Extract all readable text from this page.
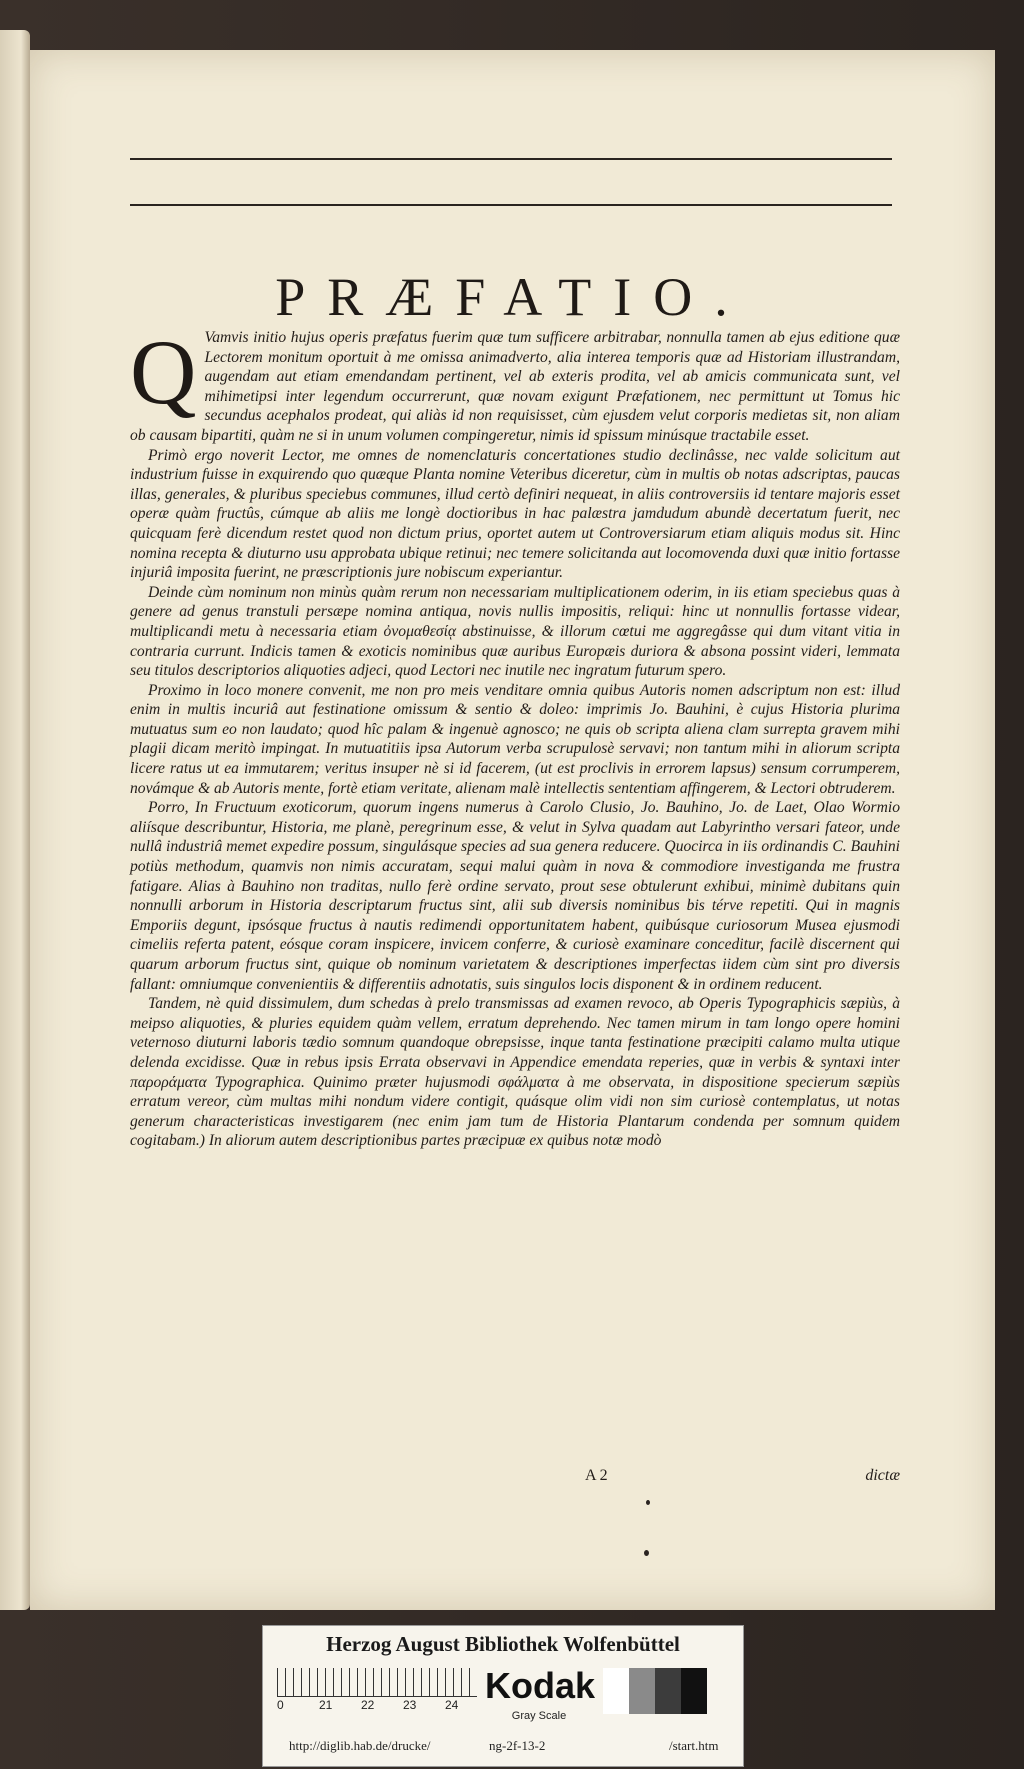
PRÆFATIO.

Q Vamvis initio hujus operis præfatus fuerim quæ tum sufficere arbitrabar, nonnulla tamen ab ejus editione quæ Lectorem monitum oportuit à me omissa animadverto, alia interea temporis quæ ad Historiam illustrandam, augendam aut etiam emendandam pertinent, vel ab exteris prodita, vel ab amicis communicata sunt, vel mihimetipsi inter legendum occurrerunt, quæ novam exigunt Præfationem, nec permittunt ut Tomus hic secundus acephalos prodeat, qui aliàs id non requisisset, cùm ejusdem velut corporis medietas sit, non aliam ob causam bipartiti, quàm ne si in unum volumen compingeretur, nimis id spissum minúsque tractabile esset.

Primò ergo noverit Lector, me omnes de nomenclaturis concertationes studio declinâsse, nec valde solicitum aut industrium fuisse in exquirendo quo quæque Planta nomine Veteribus diceretur, cùm in multis ob notas adscriptas, paucas illas, generales, & pluribus speciebus communes, illud certò definiri nequeat, in aliis controversiis id tentare majoris esset operæ quàm fructûs, cúmque ab aliis me longè doctioribus in hac palæstra jamdudum abundè decertatum fuerit, nec quicquam ferè dicendum restet quod non dictum prius, oportet autem ut Controversiarum etiam aliquis modus sit. Hinc nomina recepta & diuturno usu approbata ubique retinui; nec temere solicitanda aut locomovenda duxi quæ initio fortasse injuriâ imposita fuerint, ne præscriptionis jure nobiscum experiantur.

Deinde cùm nominum non minùs quàm rerum non necessariam multiplicationem oderim, in iis etiam speciebus quas à genere ad genus transtuli persæpe nomina antiqua, novis nullis impositis, reliqui: hinc ut nonnullis fortasse videar, multiplicandi metu à necessaria etiam ὀνομαθεσίᾳ abstinuisse, & illorum cœtui me aggregâsse qui dum vitant vitia in contraria currunt. Indicis tamen & exoticis nominibus quæ auribus Europæis duriora & absona possint videri, lemmata seu titulos descriptorios aliquoties adjeci, quod Lectori nec inutile nec ingratum futurum spero.

Proximo in loco monere convenit, me non pro meis venditare omnia quibus Autoris nomen adscriptum non est: illud enim in multis incuriâ aut festinatione omissum & sentio & doleo: imprimis Jo. Bauhini, è cujus Historia plurima mutuatus sum eo non laudato; quod hîc palam & ingenuè agnosco; ne quis ob scripta aliena clam surrepta gravem mihi plagii dicam meritò impingat. In mutuatitiis ipsa Autorum verba scrupulosè servavi; non tantum mihi in aliorum scripta licere ratus ut ea immutarem; veritus insuper nè si id facerem, (ut est proclivis in errorem lapsus) sensum corrumperem, novámque & ab Autoris mente, fortè etiam veritate, alienam malè intellectis sententiam affingerem, & Lectori obtruderem.

Porro, In Fructuum exoticorum, quorum ingens numerus à Carolo Clusio, Jo. Bauhino, Jo. de Laet, Olao Wormio aliísque describuntur, Historia, me planè, peregrinum esse, & velut in Sylva quadam aut Labyrintho versari fateor, unde nullâ industriâ memet expedire possum, singulásque species ad sua genera reducere. Quocirca in iis ordinandis C. Bauhini potiùs methodum, quamvis non nimis accuratam, sequi malui quàm in nova & commodiore investiganda me frustra fatigare. Alias à Bauhino non traditas, nullo ferè ordine servato, prout sese obtulerunt exhibui, minimè dubitans quin nonnulli arborum in Historia descriptarum fructus sint, alii sub diversis nominibus bis térve repetiti. Qui in magnis Emporiis degunt, ipsósque fructus à nautis redimendi opportunitatem habent, quibúsque curiosorum Musea ejusmodi cimeliis referta patent, eósque coram inspicere, invicem conferre, & curiosè examinare conceditur, facilè discernent qui quarum arborum fructus sint, quique ob nominum varietatem & descriptiones imperfectas iidem cùm sint pro diversis fallant: omniumque convenientiis & differentiis adnotatis, suis singulos locis disponent & in ordinem reducent.

Tandem, nè quid dissimulem, dum schedas à prelo transmissas ad examen revoco, ab Operis Typographicis sæpiùs, à meipso aliquoties, & pluries equidem quàm vellem, erratum deprehendo. Nec tamen mirum in tam longo opere homini veternoso diuturni laboris tædio somnum quandoque obrepsisse, inque tanta festinatione præcipiti calamo multa utique delenda excidisse. Quæ in rebus ipsis Errata observavi in Appendice emendata reperies, quæ in verbis & syntaxi inter παροράματα Typographica. Quinimo præter hujusmodi σφάλματα à me observata, in dispositione specierum sæpiùs erratum vereor, cùm multas mihi nondum videre contigit, quásque olim vidi non sim curiosè contemplatus, ut notas generum characteristicas investigarem (nec enim jam tum de Historia Plantarum condenda per somnum quidem cogitabam.) In aliorum autem descriptionibus partes præcipuæ ex quibus notæ modò

A 2	dictæ
Herzog August Bibliothek Wolfenbüttel
0	21 22 23 24 Kodak
Gray Scale
http://diglib.hab.de/drucke/	ng-2f-13-2	/start.htm
